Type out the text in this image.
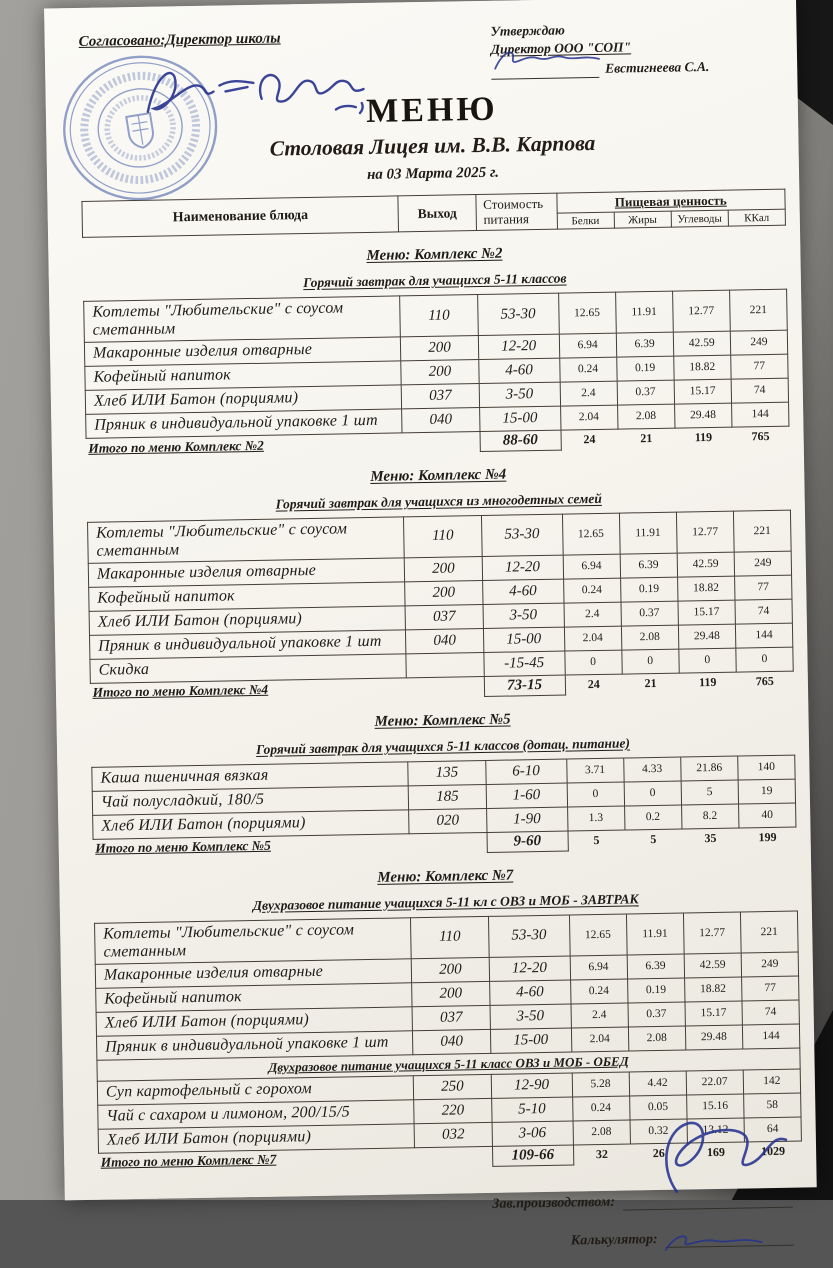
Согласовано:Директор школы	Утверждаю
Директор ООО "СОП"
Евстигнеева С.А.
МЕНЮ
Столовая Лицея им. В.В. Карпова
на 03 Марта 2025 г.
Наименование блюда	Выход	Стоимость питания	Пищевая ценность			
			Белки	Жиры	Углеводы	ККал
Меню: Комплекс №2
Горячий завтрак для учащихся 5-11 классов
Котлеты "Любительские" с соусом сметанным	110	53-30	12.65	11.91	12.77	221
Макаронные изделия отварные	200	12-20	6.94	6.39	42.59	249
Кофейный напиток	200	4-60	0.24	0.19	18.82	77
Хлеб ИЛИ Батон (порциями)	037	3-50	2.4	0.37	15.17	74
Пряник в индивидуальной упаковке 1 шт	040	15-00	2.04	2.08	29.48	144
Итого по меню Комплекс №2		88-60	24	21	119	765
Меню: Комплекс №4
Горячий завтрак для учащихся из многодетных семей
Котлеты "Любительские" с соусом сметанным	110	53-30	12.65	11.91	12.77	221
Макаронные изделия отварные	200	12-20	6.94	6.39	42.59	249
Кофейный напиток	200	4-60	0.24	0.19	18.82	77
Хлеб ИЛИ Батон (порциями)	037	3-50	2.4	0.37	15.17	74
Пряник в индивидуальной упаковке 1 шт	040	15-00	2.04	2.08	29.48	144
Скидка		-15-45	0	0	0	0
Итого по меню Комплекс №4		73-15	24	21	119	765
Меню: Комплекс №5
Горячий завтрак для учащихся 5-11 классов (дотац. питание)
Каша пшеничная вязкая	135	6-10	3.71	4.33	21.86	140
Чай полусладкий, 180/5	185	1-60	0	0	5	19
Хлеб ИЛИ Батон (порциями)	020	1-90	1.3	0.2	8.2	40
Итого по меню Комплекс №5		9-60	5	5	35	199
Меню: Комплекс №7
Двухразовое питание учащихся 5-11 кл с ОВЗ и МОБ - ЗАВТРАК
Котлеты "Любительские" с соусом сметанным	110	53-30	12.65	11.91	12.77	221
Макаронные изделия отварные	200	12-20	6.94	6.39	42.59	249
Кофейный напиток	200	4-60	0.24	0.19	18.82	77
Хлеб ИЛИ Батон (порциями)	037	3-50	2.4	0.37	15.17	74
Пряник в индивидуальной упаковке 1 шт	040	15-00	2.04	2.08	29.48	144
Двухразовое питание учащихся 5-11 класс ОВЗ и МОБ - ОБЕД						
Суп картофельный с горохом	250	12-90	5.28	4.42	22.07	142
Чай с сахаром и лимоном, 200/15/5	220	5-10	0.24	0.05	15.16	58
Хлеб ИЛИ Батон (порциями)	032	3-06	2.08	0.32	13.12	64
Итого по меню Комплекс №7		109-66	32	26	169	1029
Зав.производством:
Калькулятор:
